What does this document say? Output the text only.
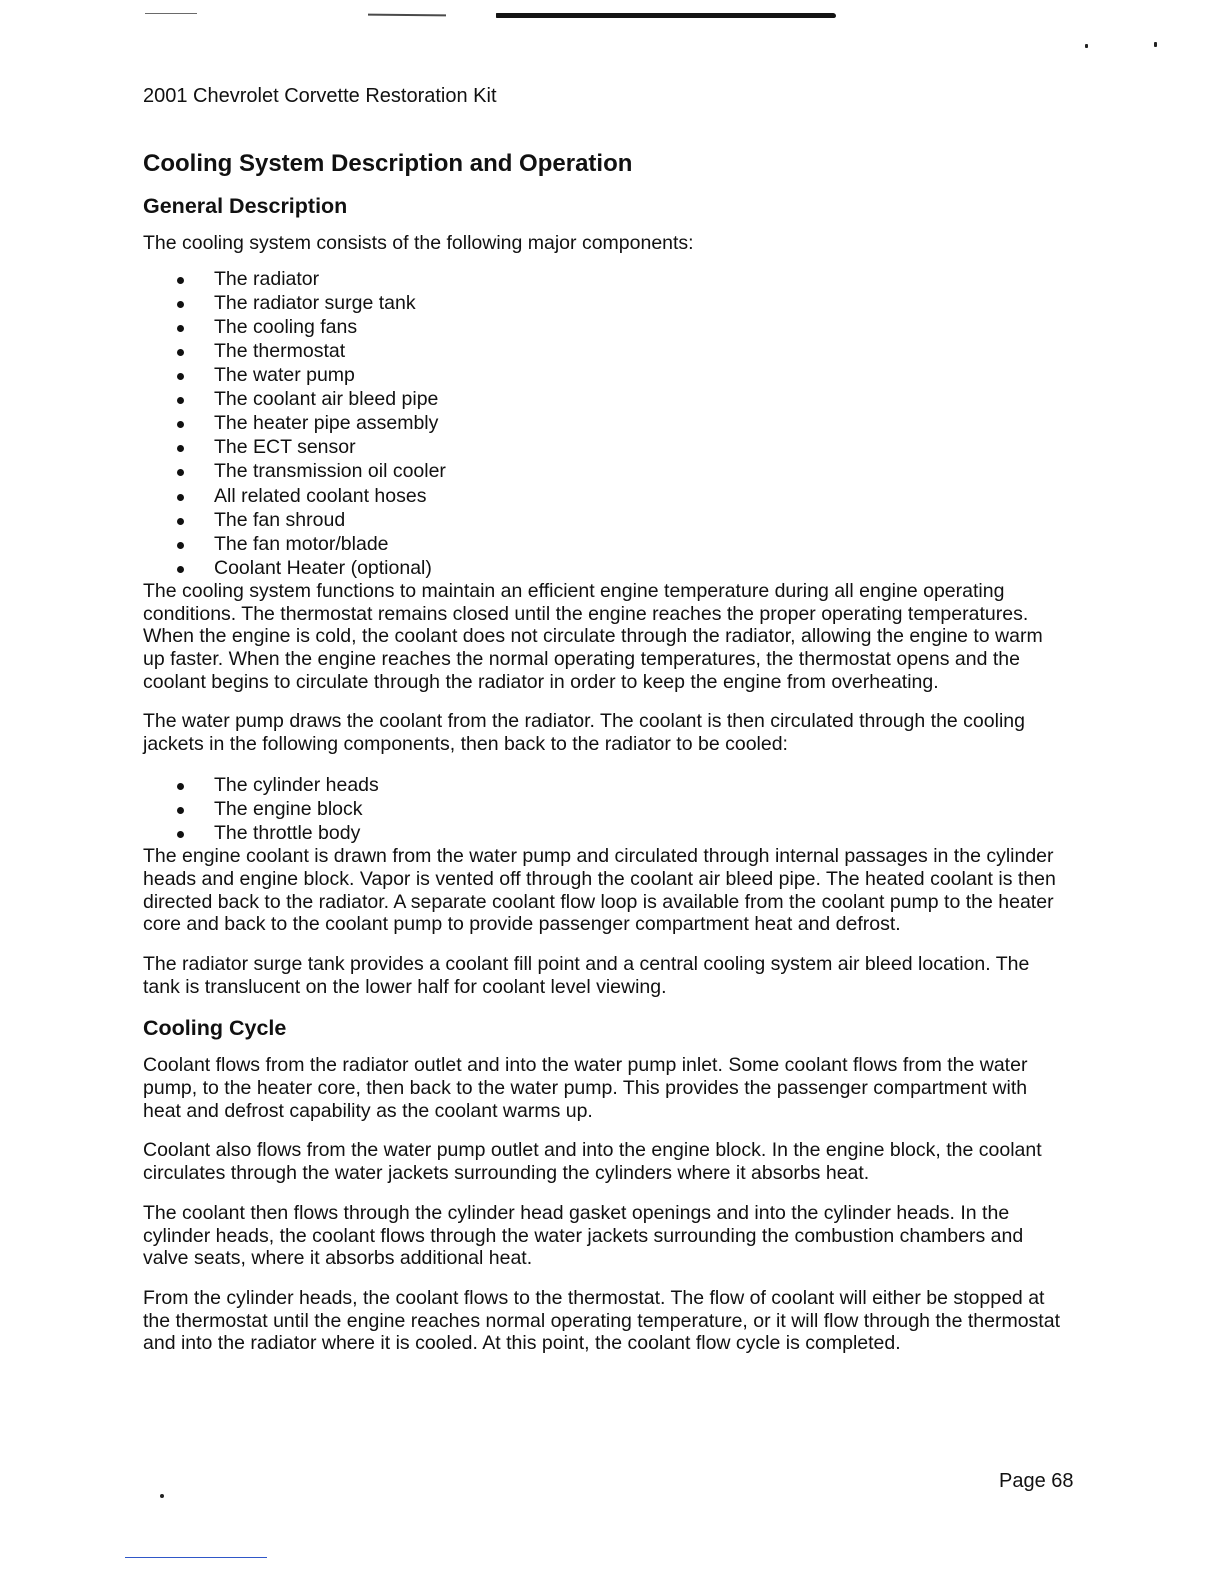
2001 Chevrolet Corvette Restoration Kit
Cooling System Description and Operation
General Description

The cooling system consists of the following major components:

The radiator
The radiator surge tank
The cooling fans
The thermostat
The water pump
The coolant air bleed pipe
The heater pipe assembly
The ECT sensor
The transmission oil cooler
All related coolant hoses
The fan shroud
The fan motor/blade
Coolant Heater (optional)

The cooling system functions to maintain an efficient engine temperature during all engine operating conditions. The thermostat remains closed until the engine reaches the proper operating temperatures. When the engine is cold, the coolant does not circulate through the radiator, allowing the engine to warm up faster. When the engine reaches the normal operating temperatures, the thermostat opens and the coolant begins to circulate through the radiator in order to keep the engine from overheating.

The water pump draws the coolant from the radiator. The coolant is then circulated through the cooling jackets in the following components, then back to the radiator to be cooled:

The cylinder heads
The engine block
The throttle body

The engine coolant is drawn from the water pump and circulated through internal passages in the cylinder heads and engine block. Vapor is vented off through the coolant air bleed pipe. The heated coolant is then directed back to the radiator. A separate coolant flow loop is available from the coolant pump to the heater core and back to the coolant pump to provide passenger compartment heat and defrost.

The radiator surge tank provides a coolant fill point and a central cooling system air bleed location. The tank is translucent on the lower half for coolant level viewing.

Cooling Cycle

Coolant flows from the radiator outlet and into the water pump inlet. Some coolant flows from the water pump, to the heater core, then back to the water pump. This provides the passenger compartment with heat and defrost capability as the coolant warms up.

Coolant also flows from the water pump outlet and into the engine block. In the engine block, the coolant circulates through the water jackets surrounding the cylinders where it absorbs heat.

The coolant then flows through the cylinder head gasket openings and into the cylinder heads. In the cylinder heads, the coolant flows through the water jackets surrounding the combustion chambers and valve seats, where it absorbs additional heat.

From the cylinder heads, the coolant flows to the thermostat. The flow of coolant will either be stopped at the thermostat until the engine reaches normal operating temperature, or it will flow through the thermostat and into the radiator where it is cooled. At this point, the coolant flow cycle is completed.

Page 68
